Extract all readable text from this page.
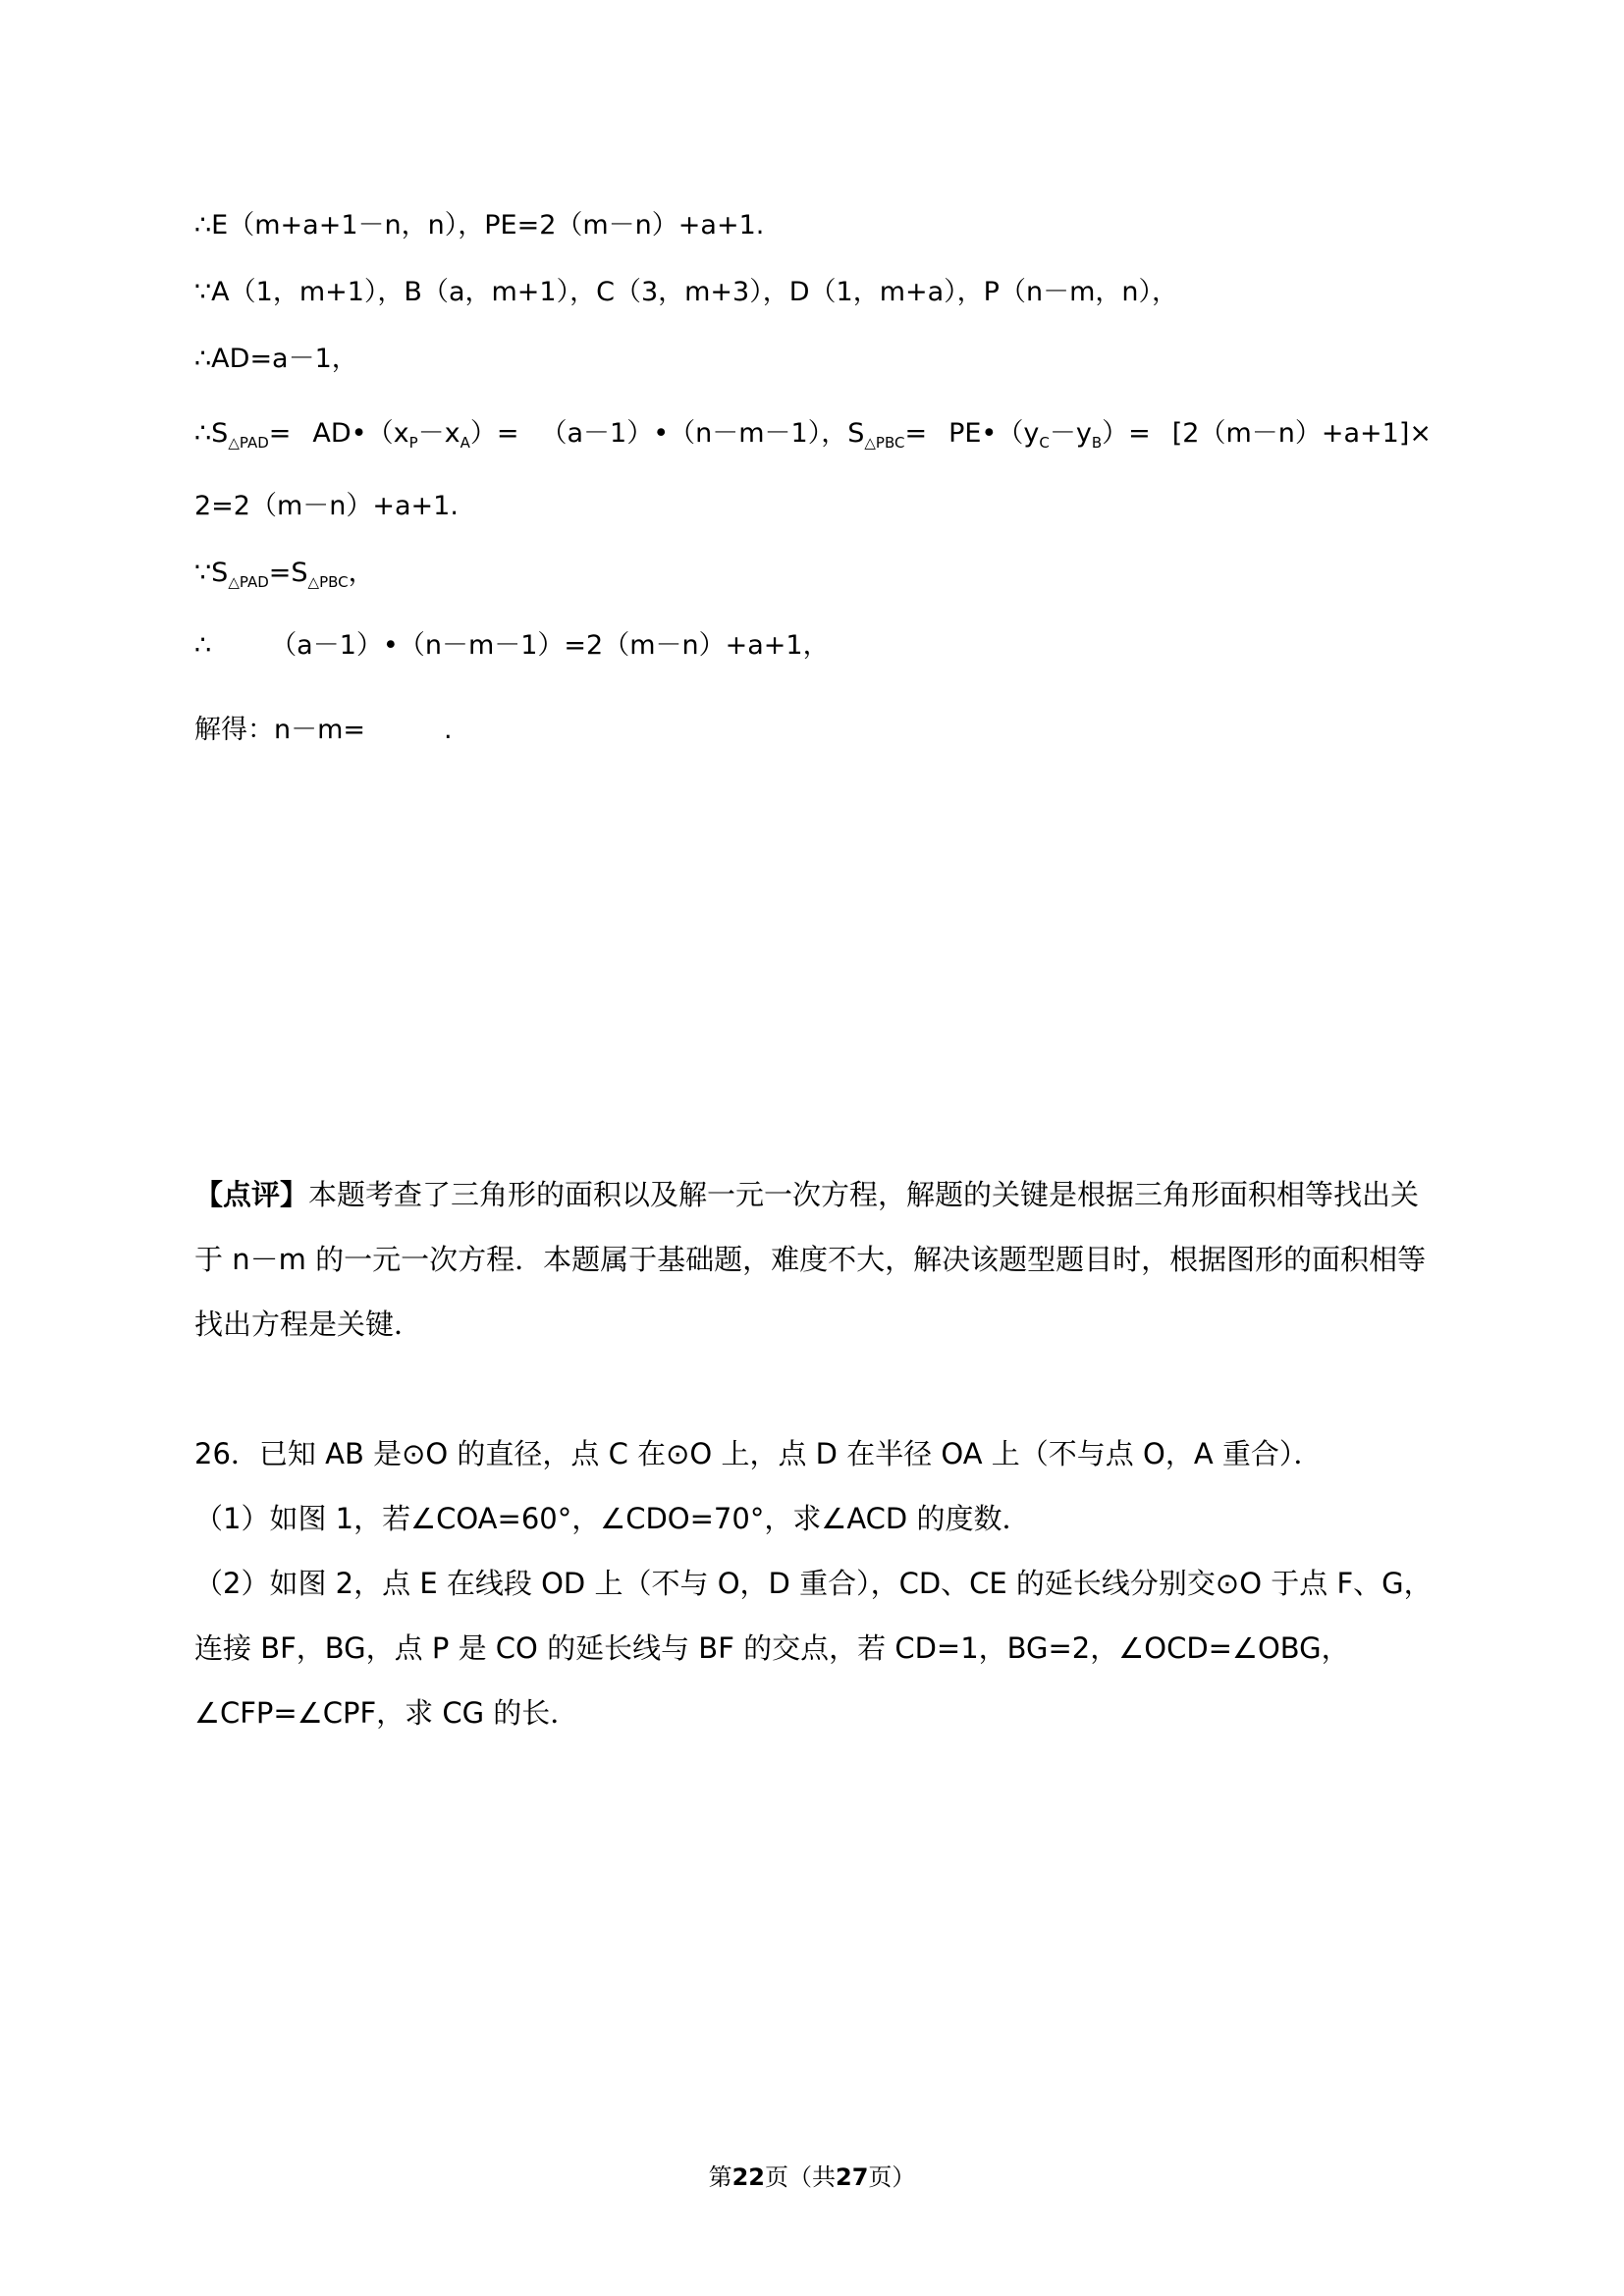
∴E（m+a+1－n，n），PE=2（m－n）+a+1.
∵A（1，m+1），B（a，m+1），C（3，m+3），D（1，m+a），P（n－m，n），
∴AD=a－1，
$\therefore S_{\triangle PAD}=$ $AD•(x_P-x_A)=$ （a－1）•（n－m－1），$S_{\triangle PBC}=$ $PE•(y_C-y_B)= [2(m-n)+a+1]\times$
2=2（m－n）+a+1.
$\because S_{\triangle PAD}=S_{\triangle PBC}$，
∴ （a－1）•（n－m－1）=2（m－n）+a+1，
解得：n－m=	.
【点评】本题考查了三角形的面积以及解一元一次方程，解题的关键是根据三角形面积相等找出关于 n－m 的一元一次方程．本题属于基础题，难度不大，解决该题型题目时，根据图形的面积相等找出方程是关键．
26．已知 AB 是⊙O 的直径，点 C 在⊙O 上，点 D 在半径 OA 上（不与点 O，A 重合）．
（1）如图 1，若∠COA=60°，∠CDO=70°，求∠ACD 的度数．
（2）如图 2，点 E 在线段 OD 上（不与 O，D 重合），CD、CE 的延长线分别交⊙O 于点 F、G，连接 BF，BG，点 P 是 CO 的延长线与 BF 的交点，若 CD=1，BG=2，∠OCD=∠OBG，∠CFP=∠CPF，求 CG 的长．
第22页（共27页）
